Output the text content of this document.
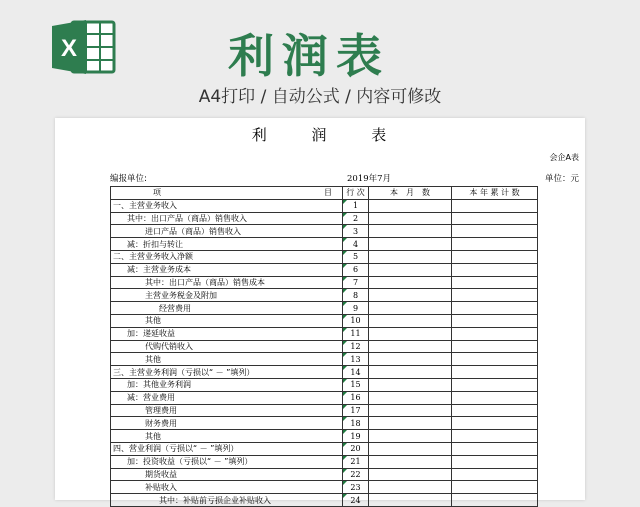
X	利润表
A4打印 / 自动公式 / 内容可修改
利	润	表
会企A表
编报单位:	2019年7月	单位：元
项 目	行 次	本　月　数	本 年 累 计 数
一、主营业务收入	1		
其中：出口产品（商品）销售收入	2		
进口产品（商品）销售收入	3		
减：折扣与转让	4		
二、主营业务收入净额	5		
减：主营业务成本	6		
其中：出口产品（商品）销售成本	7		
主营业务税金及附加	8		
经营费用	9		
其他	10		
加：递延收益	11		
代购代销收入	12		
其他	13		
三、主营业务利润（亏损以“ － ”填列）	14		
加：其他业务利润	15		
减：营业费用	16		
管理费用	17		
财务费用	18		
其他	19		
四、营业利润（亏损以“ － ”填列）	20		
加：投资收益（亏损以“ － ”填列）	21		
期货收益	22		
补贴收入	23		
其中：补贴前亏损企业补贴收入	24		
